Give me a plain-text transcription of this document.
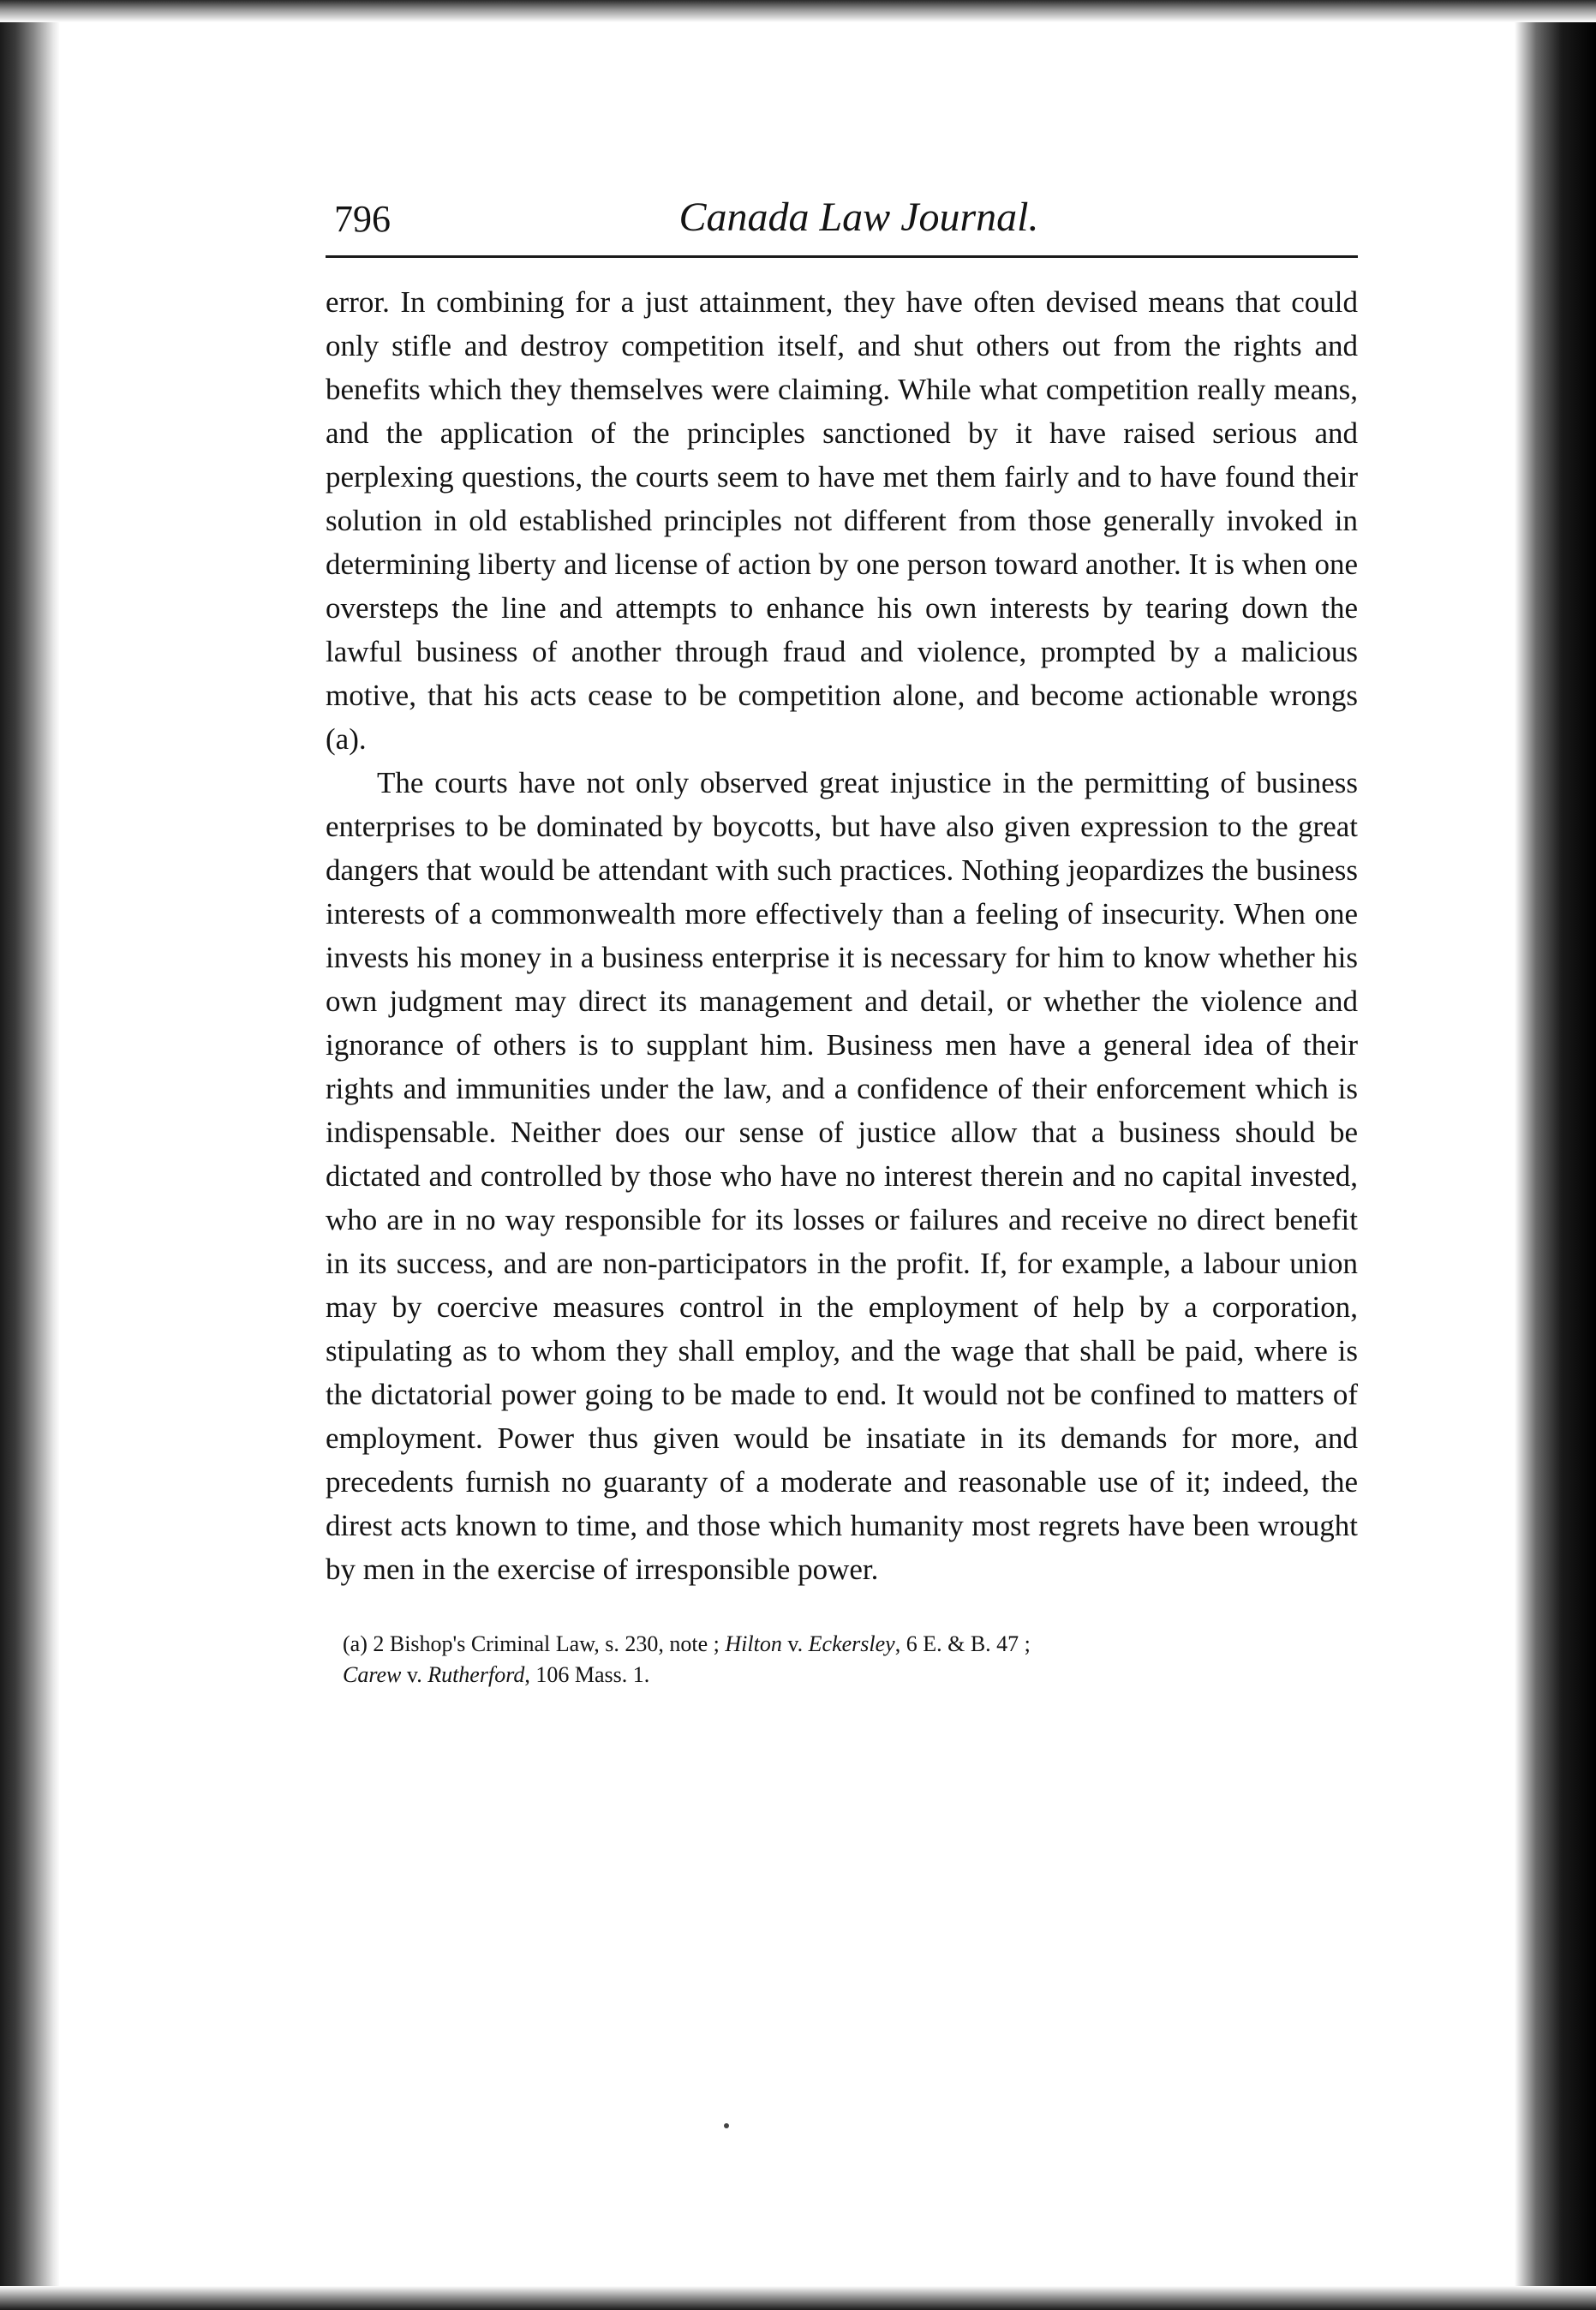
796	Canada Law Journal.

error. In combining for a just attainment, they have often devised means that could only stifle and destroy competition itself, and shut others out from the rights and benefits which they themselves were claiming. While what competition really means, and the application of the principles sanctioned by it have raised serious and perplexing questions, the courts seem to have met them fairly and to have found their solution in old established principles not different from those generally invoked in determining liberty and license of action by one person toward another. It is when one oversteps the line and attempts to enhance his own interests by tearing down the lawful business of another through fraud and violence, prompted by a malicious motive, that his acts cease to be competition alone, and become actionable wrongs (a).

The courts have not only observed great injustice in the permitting of business enterprises to be dominated by boycotts, but have also given expression to the great dangers that would be attendant with such practices. Nothing jeopardizes the business interests of a commonwealth more effectively than a feeling of insecurity. When one invests his money in a business enterprise it is necessary for him to know whether his own judgment may direct its management and detail, or whether the violence and ignorance of others is to supplant him. Business men have a general idea of their rights and immunities under the law, and a confidence of their enforcement which is indispensable. Neither does our sense of justice allow that a business should be dictated and controlled by those who have no interest therein and no capital invested, who are in no way responsible for its losses or failures and receive no direct benefit in its success, and are non-participators in the profit. If, for example, a labour union may by coercive measures control in the employment of help by a corporation, stipulating as to whom they shall employ, and the wage that shall be paid, where is the dictatorial power going to be made to end. It would not be confined to matters of employment. Power thus given would be insatiate in its demands for more, and precedents furnish no guaranty of a moderate and reasonable use of it; indeed, the direst acts known to time, and those which humanity most regrets have been wrought by men in the exercise of irresponsible power.

(a) 2 Bishop's Criminal Law, s. 230, note ; Hilton v. Eckersley, 6 E. & B. 47 ;
Carew v. Rutherford, 106 Mass. 1.
